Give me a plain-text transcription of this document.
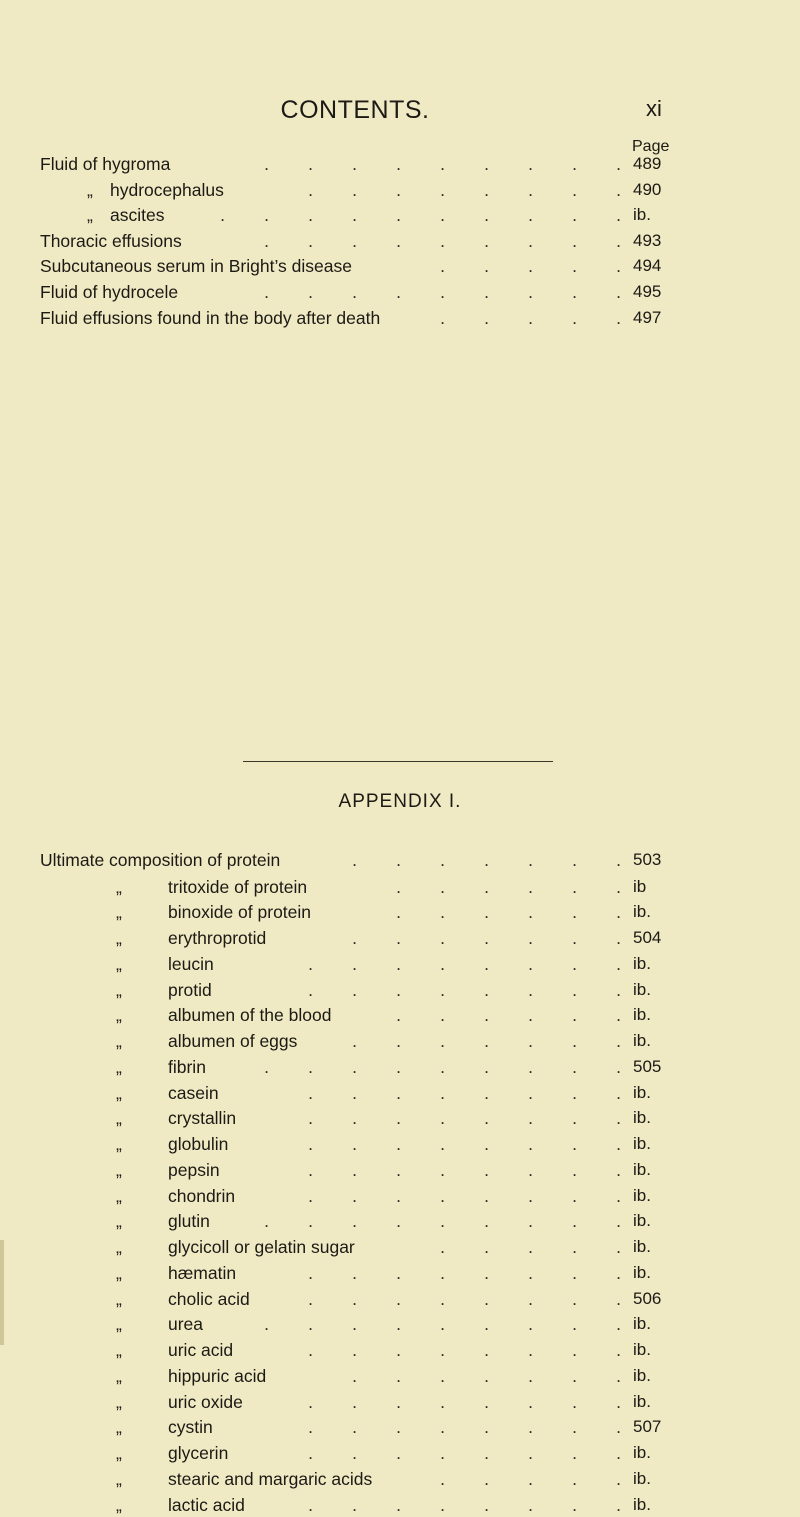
CONTENTS.	xi
Page
Fluid of hygroma	. . . . . . . . . 489
„ hydrocephalus	. . . . . . . . 490
„ ascites	. . . . . . . . . . ib.
Thoracic effusions	. . . . . . . . . 493
Subcutaneous serum in Bright’s disease	. . . . . 494
Fluid of hydrocele	. . . . . . . . . 495
Fluid effusions found in the body after death	. . . . . 497
APPENDIX I.
Ultimate composition of protein	. . . . . . . 503
„	tritoxide of protein	. . . . . . ib
„	binoxide of protein	. . . . . . ib.
„	erythroprotid	. . . . . . . 504
„	leucin	. . . . . . . . ib.
„	protid	. . . . . . . . ib.
„	albumen of the blood	. . . . . . ib.
„	albumen of eggs	. . . . . . . ib.
„	fibrin	. . . . . . . . . 505
„	casein	. . . . . . . . ib.
„	crystallin	. . . . . . . . ib.
„	globulin	. . . . . . . . ib.
„	pepsin	. . . . . . . . ib.
„	chondrin	. . . . . . . . ib.
„	glutin	. . . . . . . . . ib.
„	glycicoll or gelatin sugar	. . . . . ib.
„	hæmatin	. . . . . . . . ib.
„	cholic acid	. . . . . . . . 506
„	urea	. . . . . . . . . ib.
„	uric acid	. . . . . . . . ib.
„	hippuric acid	. . . . . . . ib.
„	uric oxide	. . . . . . . . ib.
„	cystin	. . . . . . . . 507
„	glycerin	. . . . . . . . ib.
„	stearic and margaric acids	. . . . . ib.
„	lactic acid	. . . . . . . . ib.
